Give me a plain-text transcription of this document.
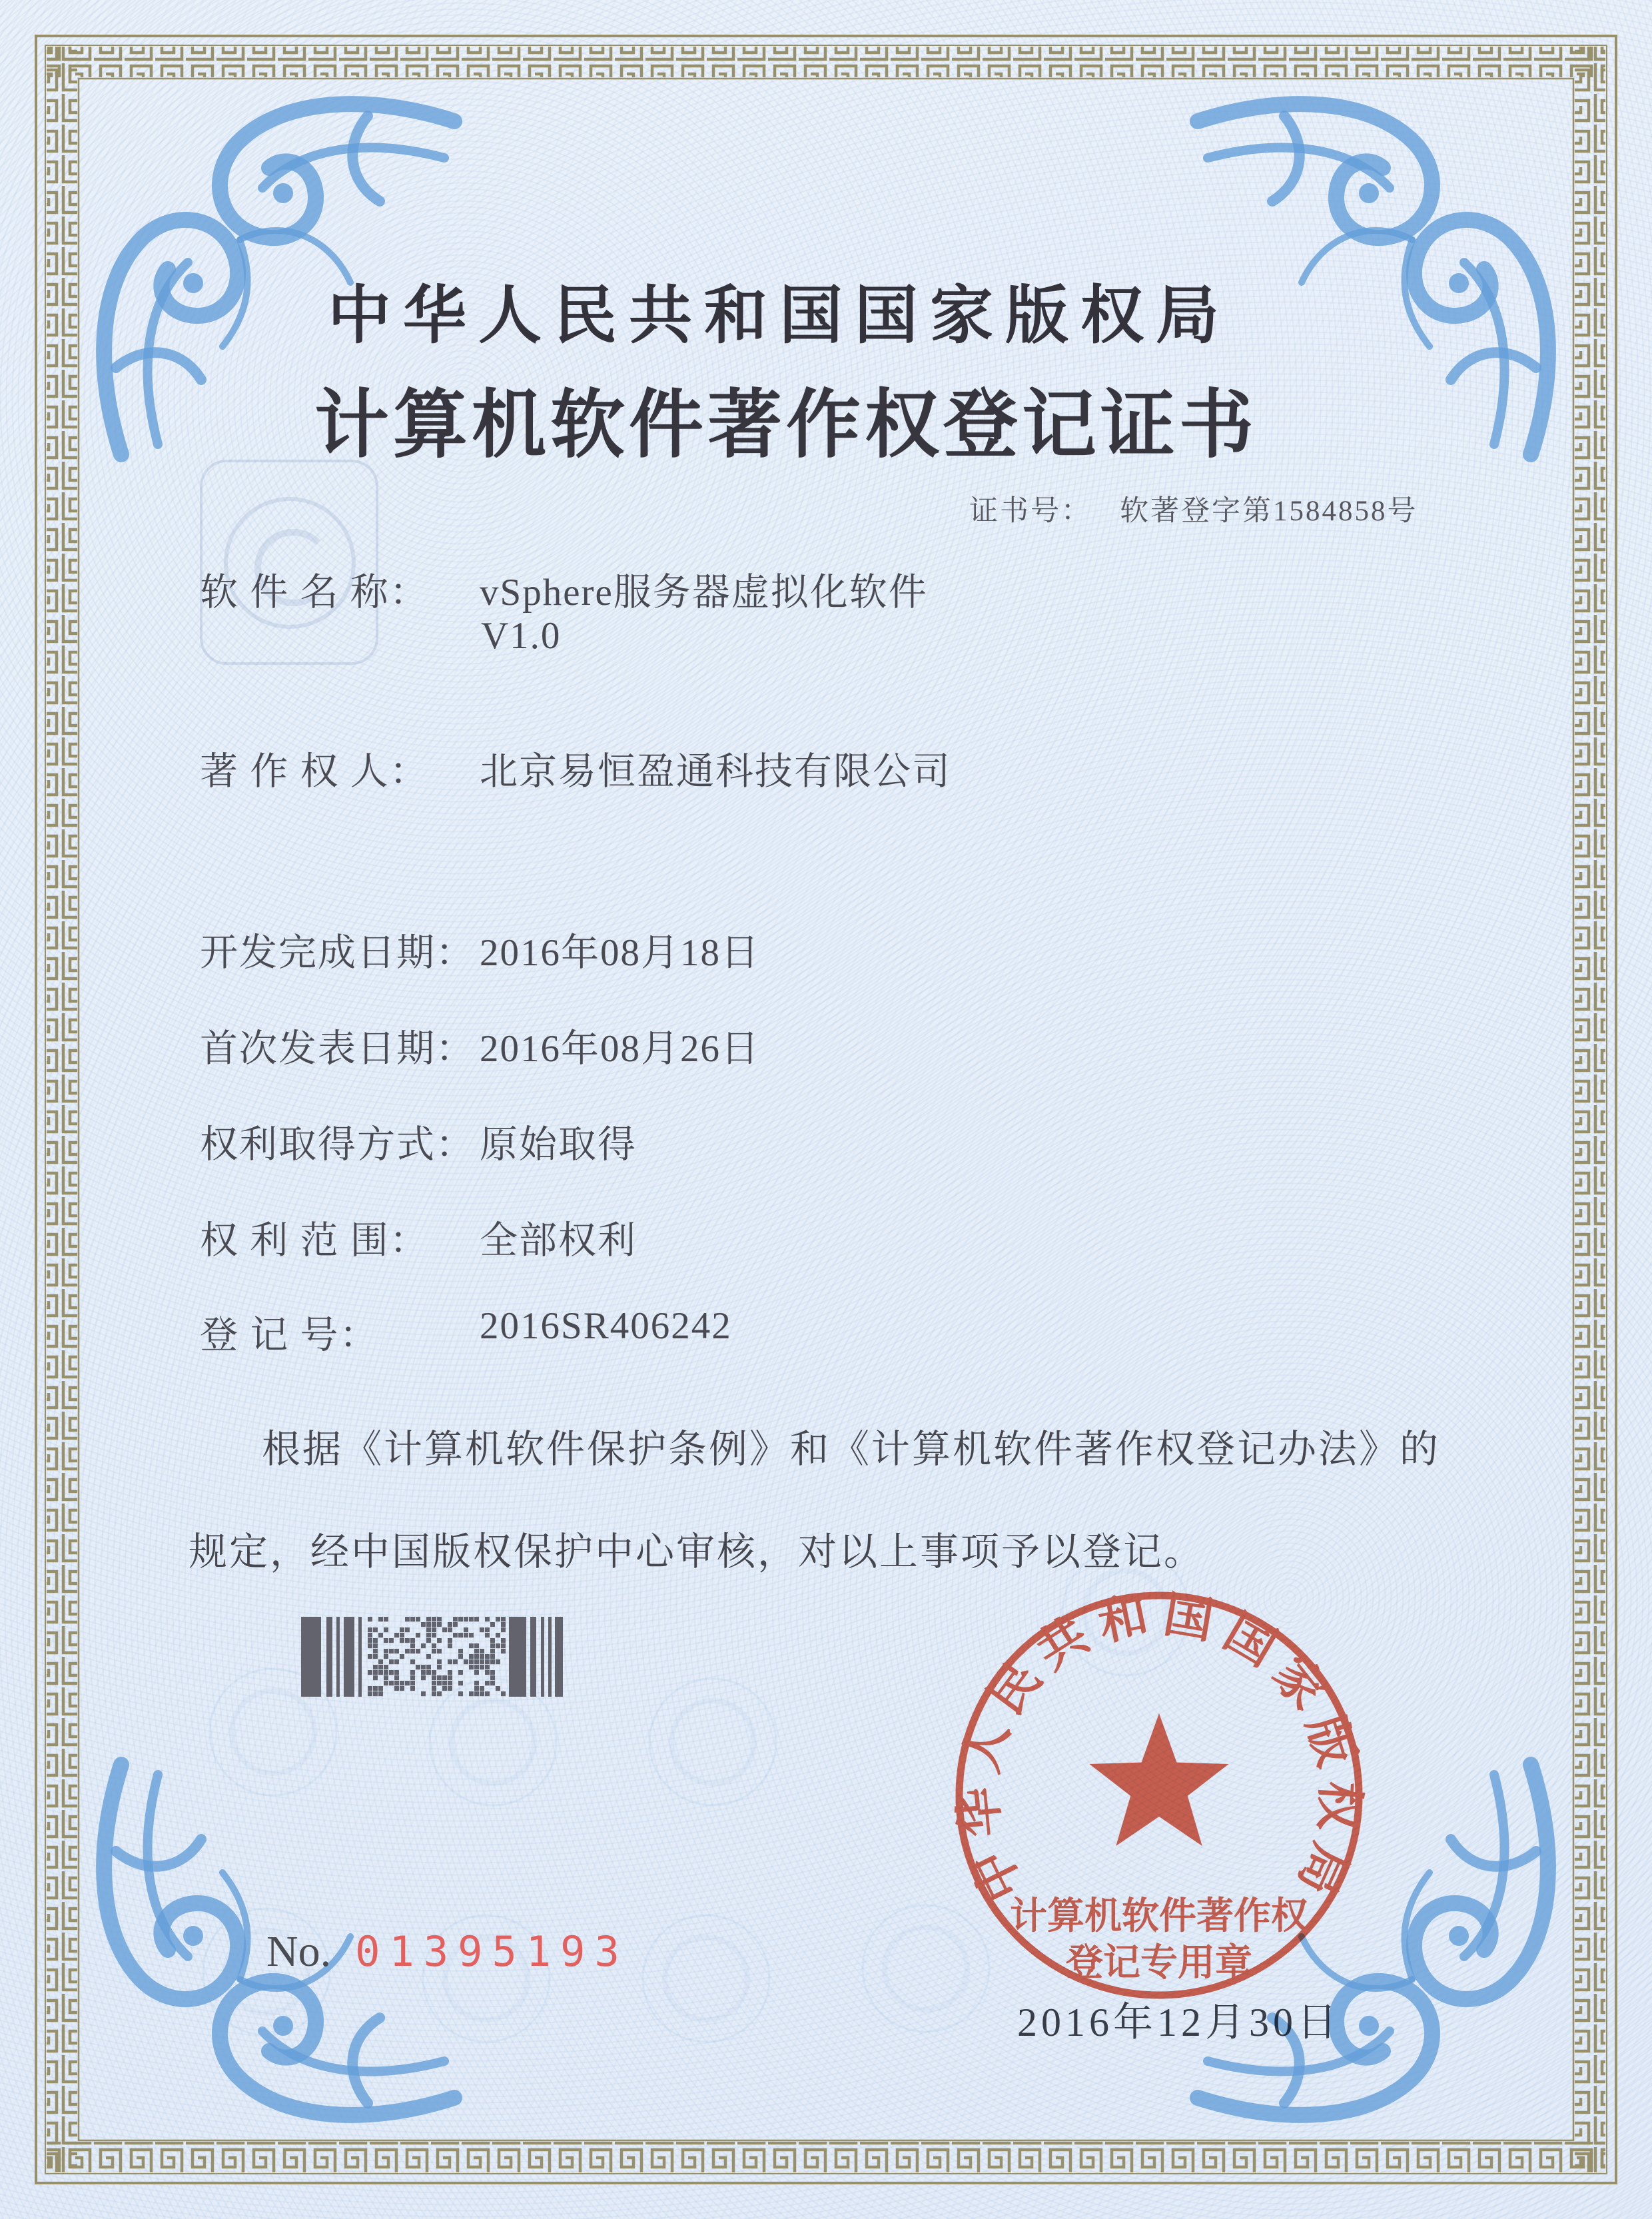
中华人民共和国国家版权局
计算机软件著作权登记证书
证书号： 软著登字第1584858号
软 件 名 称： vSphere服务器虚拟化软件
V1.0
著 作 权 人： 北京易恒盈通科技有限公司
开发完成日期： 2016年08月18日
首次发表日期： 2016年08月26日
权利取得方式： 原始取得
权 利 范 围： 全部权利
登 记 号：	2016SR406242
根据《计算机软件保护条例》和《计算机软件著作权登记办法》的
规定，经中国版权保护中心审核，对以上事项予以登记。
中华人民共和国国家版权局
计算机软件著作权
登记专用章
2016年12月30日
No. 01395193
